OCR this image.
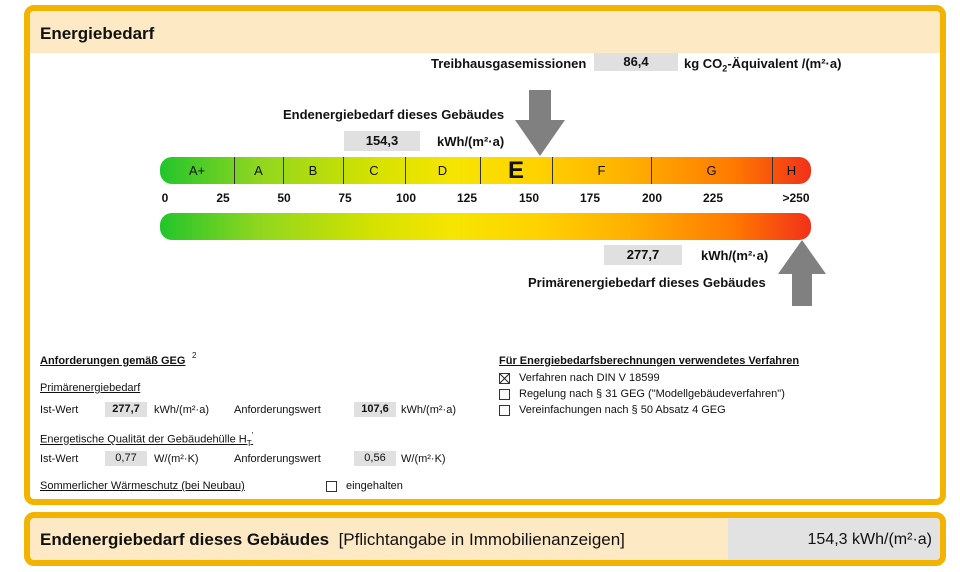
Energiebedarf
Treibhausgasemissionen	86,4	kg $CO_2$-Äquivalent /(m²·a)
Endenergiebedarf dieses Gebäudes
154,3	kWh/(m²·a)
A+	A	B	C	D	E	F	G	H
0	25	50	75	100	125	150	175	200	225	>250
277,7	kWh/(m²·a)
Primärenergiebedarf dieses Gebäudes
Anforderungen gemäß GEG 2
Primärenergiebedarf
Ist-Wert	277,7	kWh/(m²·a) Anforderungswert	107,6	kWh/(m²·a)
Energetische Qualität der Gebäudehülle $H_T'$
Ist-Wert	0,77	W/(m²·K)	Anforderungswert	0,56	W/(m²·K)
Sommerlicher Wärmeschutz (bei Neubau)	eingehalten
Für Energiebedarfsberechnungen verwendetes Verfahren
Verfahren nach DIN V 18599
Regelung nach § 31 GEG ("Modellgebäudeverfahren")
Vereinfachungen nach § 50 Absatz 4 GEG
Endenergiebedarf dieses Gebäudes [Pflichtangabe in Immobilienanzeigen]	154,3 kWh/(m²·a)
